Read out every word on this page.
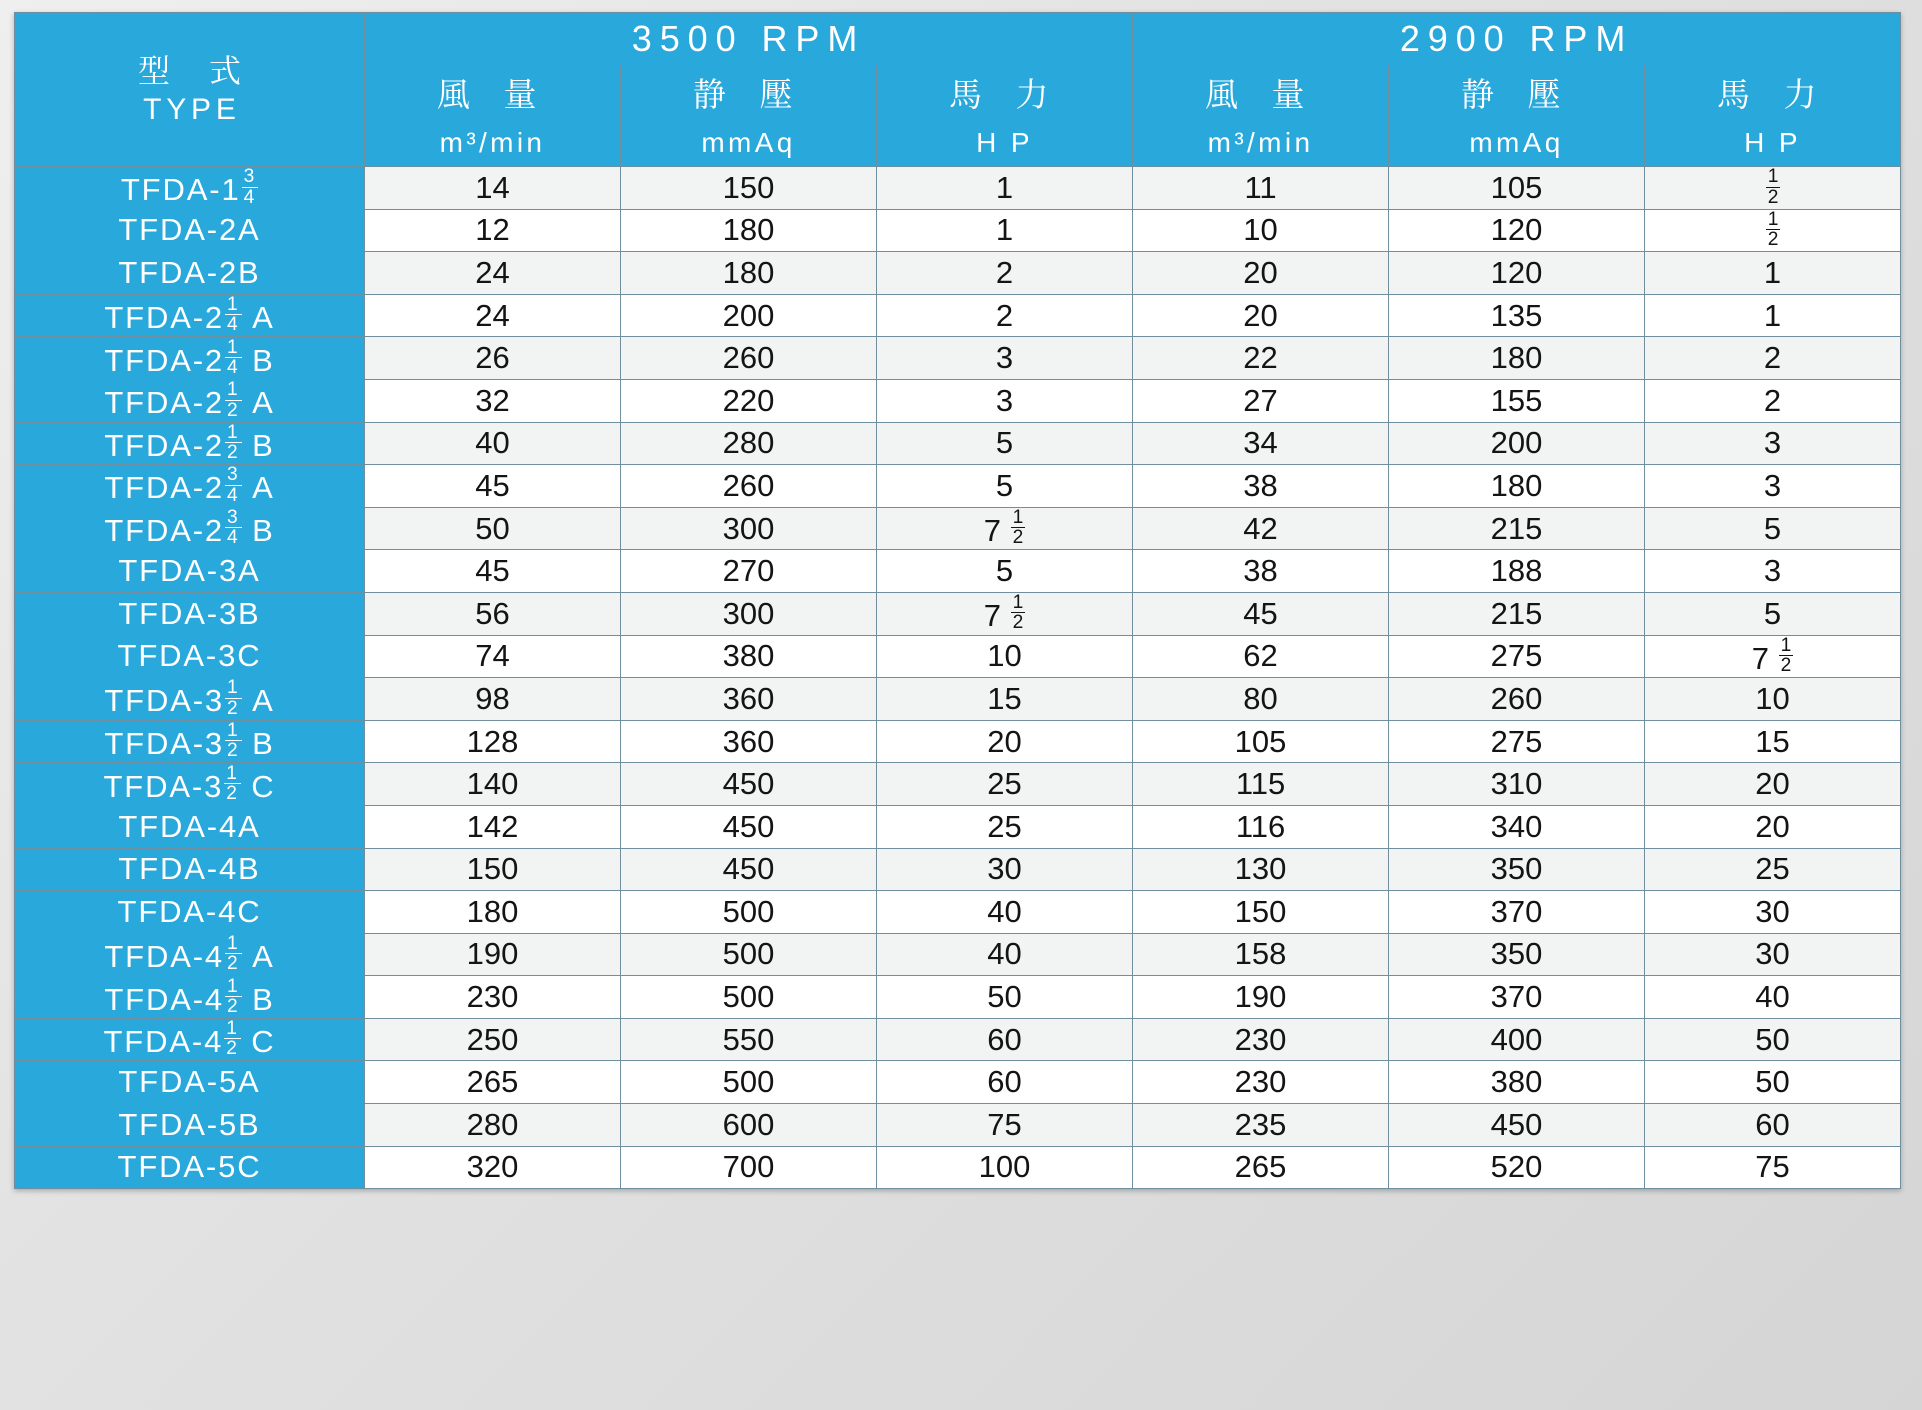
型 式
TYPE	3500 RPM			2900 RPM		
	風 量	静 壓	馬 力	風 量	静 壓	馬 力
	m³/min	mmAq	H P	m³/min	mmAq	H P
TFDA-1 $\frac{3}{4}$	14	150	1	11	105	$\frac{1}{2}$

TFDA-2A	12	180	1	10	120	$\frac{1}{2}$

TFDA-2B	24	180	2	20	120	1
TFDA-2 $\frac{1}{4}$ A	24	200	2	20	135	1
TFDA-2 $\frac{1}{4}$ B	26	260	3	22	180	2
TFDA-2 $\frac{1}{2}$ A	32	220	3	27	155	2
TFDA-2 $\frac{1}{2}$ B	40	280	5	34	200	3
TFDA-2 $\frac{3}{4}$ A	45	260	5	38	180	3
TFDA-2 $\frac{3}{4}$ B	50	300	$7 \frac{1}{2}$	42	215	5
TFDA-3A	45	270	5	38	188	3
TFDA-3B	56	300	$7 \frac{1}{2}$	45	215	5
TFDA-3C	74	380	10	62	275	$7 \frac{1}{2}$

TFDA-3 $\frac{1}{2}$ A	98	360	15	80	260	10
TFDA-3 $\frac{1}{2}$ B	128	360	20	105	275	15
TFDA-3 $\frac{1}{2}$ C	140	450	25	115	310	20
TFDA-4A	142	450	25	116	340	20
TFDA-4B	150	450	30	130	350	25
TFDA-4C	180	500	40	150	370	30
TFDA-4 $\frac{1}{2}$ A	190	500	40	158	350	30
TFDA-4 $\frac{1}{2}$ B	230	500	50	190	370	40
TFDA-4 $\frac{1}{2}$ C	250	550	60	230	400	50
TFDA-5A	265	500	60	230	380	50
TFDA-5B	280	600	75	235	450	60
TFDA-5C	320	700	100	265	520	75
